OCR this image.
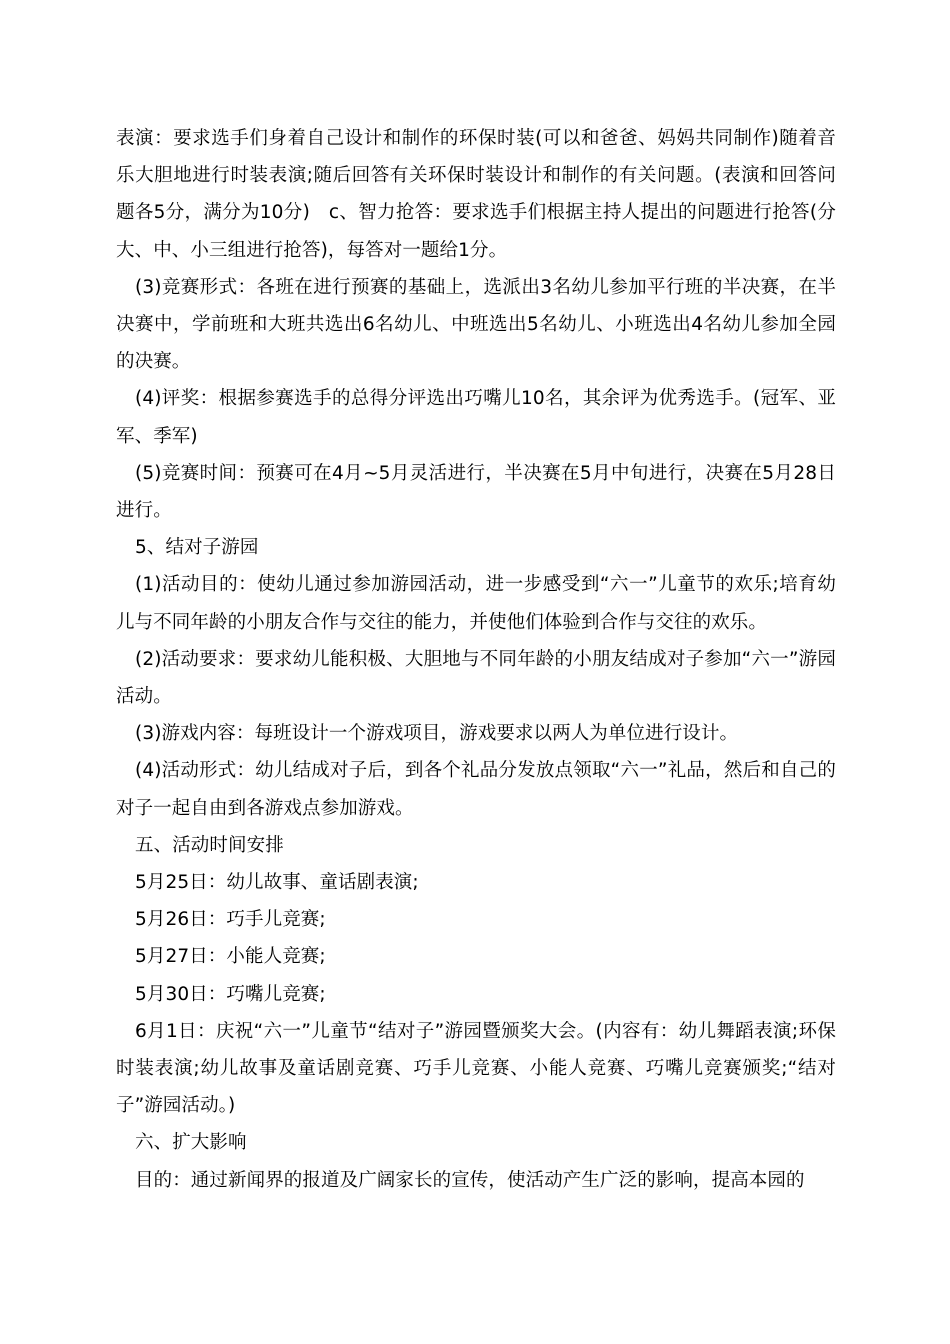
表演：要求选手们身着自己设计和制作的环保时装(可以和爸爸、妈妈共同制作)随着音乐大胆地进行时装表演;随后回答有关环保时装设计和制作的有关问题。(表演和回答问题各5分，满分为10分)　c、智力抢答：要求选手们根据主持人提出的问题进行抢答(分大、中、小三组进行抢答)，每答对一题给1分。

(3)竞赛形式：各班在进行预赛的基础上，选派出3名幼儿参加平行班的半决赛，在半决赛中，学前班和大班共选出6名幼儿、中班选出5名幼儿、小班选出4名幼儿参加全园的决赛。

(4)评奖：根据参赛选手的总得分评选出巧嘴儿10名，其余评为优秀选手。(冠军、亚军、季军)

(5)竞赛时间：预赛可在4月~5月灵活进行，半决赛在5月中旬进行，决赛在5月28日进行。

5、结对子游园

(1)活动目的：使幼儿通过参加游园活动，进一步感受到“六一”儿童节的欢乐;培育幼儿与不同年龄的小朋友合作与交往的能力，并使他们体验到合作与交往的欢乐。

(2)活动要求：要求幼儿能积极、大胆地与不同年龄的小朋友结成对子参加“六一”游园活动。

(3)游戏内容：每班设计一个游戏项目，游戏要求以两人为单位进行设计。

(4)活动形式：幼儿结成对子后，到各个礼品分发放点领取“六一”礼品，然后和自己的对子一起自由到各游戏点参加游戏。

五、活动时间安排

5月25日：幼儿故事、童话剧表演;

5月26日：巧手儿竞赛;

5月27日：小能人竞赛;

5月30日：巧嘴儿竞赛;

6月1日：庆祝“六一”儿童节“结对子”游园暨颁奖大会。(内容有：幼儿舞蹈表演;环保时装表演;幼儿故事及童话剧竞赛、巧手儿竞赛、小能人竞赛、巧嘴儿竞赛颁奖;“结对子”游园活动。)

六、扩大影响

目的：通过新闻界的报道及广阔家长的宣传，使活动产生广泛的影响，提高本园的
